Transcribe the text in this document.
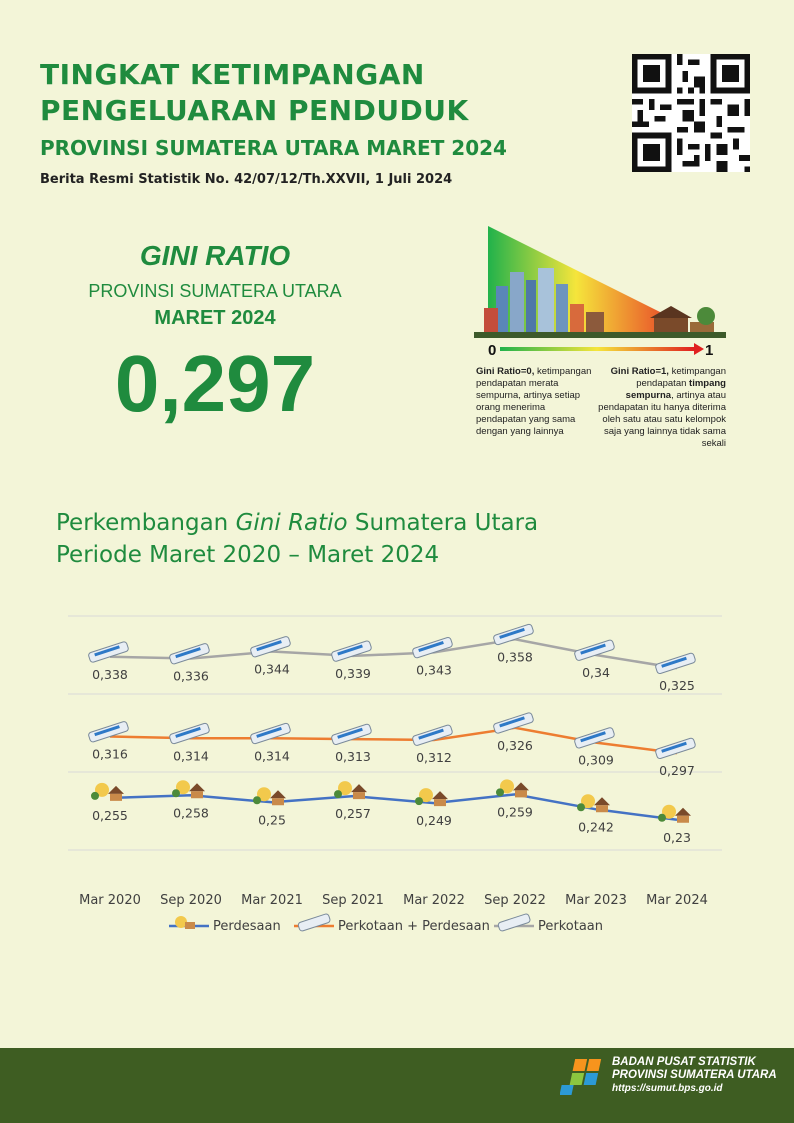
TINGKAT KETIMPANGAN
PENGELUARAN PENDUDUK
PROVINSI SUMATERA UTARA MARET 2024
Berita Resmi Statistik No. 42/07/12/Th.XXVII, 1 Juli 2024
GINI RATIO
PROVINSI SUMATERA UTARA
MARET 2024
0,297	0	1
Gini Ratio=0, ketimpangan pendapatan merata sempurna, artinya setiap orang menerima pendapatan yang sama dengan yang lainnya
Gini Ratio=1, ketimpangan pendapatan timpang sempurna, artinya atau pendapatan itu hanya diterima oleh satu atau satu kelompok saja yang lainnya tidak sama sekali
Perkembangan Gini Ratio Sumatera Utara
Periode Maret 2020 – Maret 2024
0,338	0,336	0,344	0,339	0,343
0,358
0,34
0,325
0,316	0,314	0,314	0,313	0,312
0,326
0,309
0,297
0,255	0,258	0,25	0,257	0,249
0,259
0,242
0,23
Mar 2020 Sep 2020 Mar 2021 Sep 2021 Mar 2022 Sep 2022 Mar 2023 Mar 2024
Perdesaan	Perkotaan + Perdesaan	Perkotaan
BADAN PUSAT STATISTIK
PROVINSI SUMATERA UTARA
https://sumut.bps.go.id
